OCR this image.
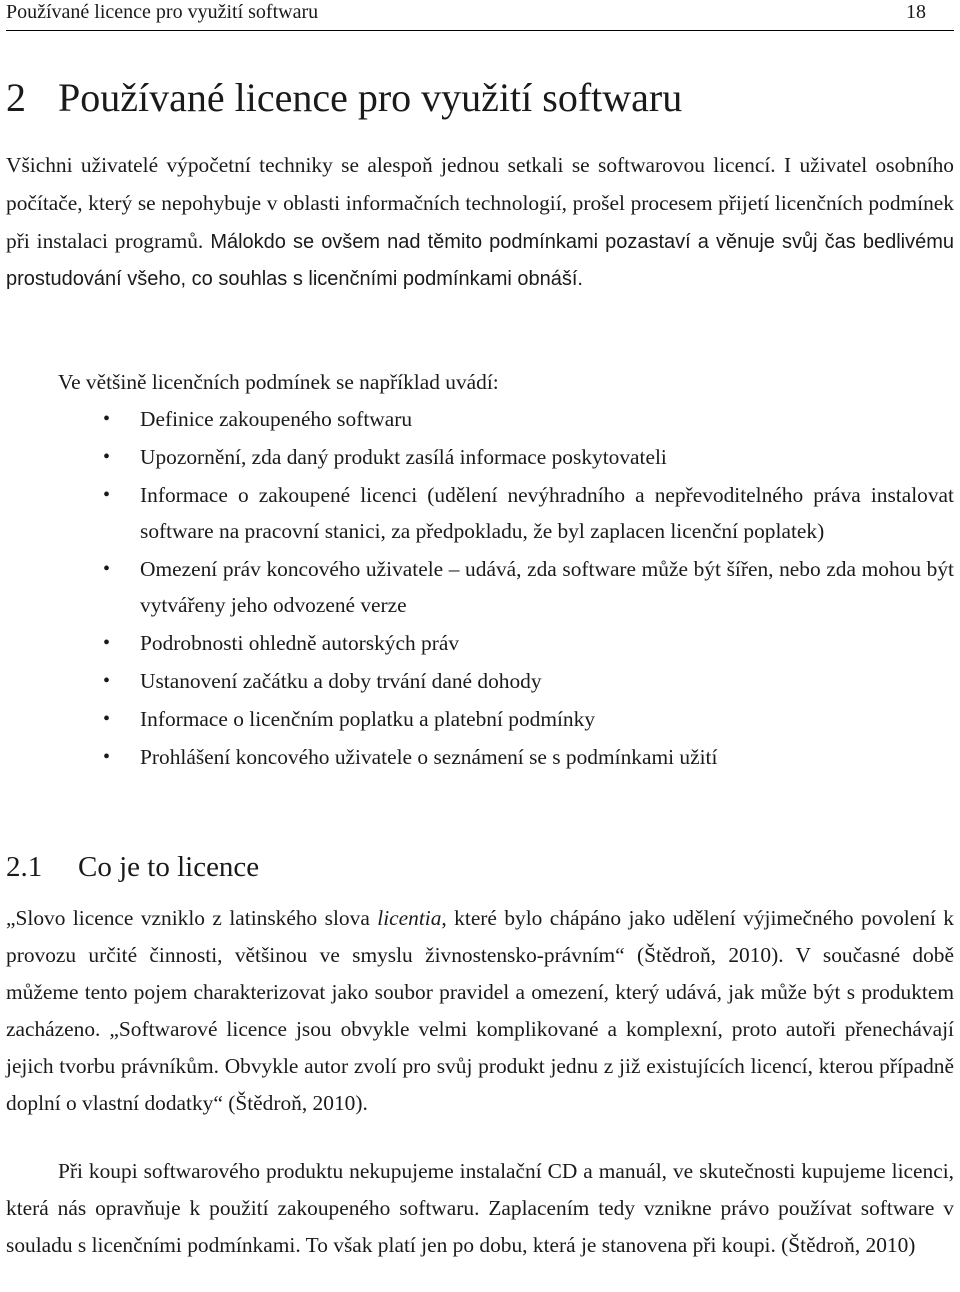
Používané licence pro využití softwaru	18
2 Používané licence pro využití softwaru

Všichni uživatelé výpočetní techniky se alespoň jednou setkali se softwarovou licencí. I uživatel osobního počítače, který se nepohybuje v oblasti informačních technologií, prošel procesem přijetí licenčních podmínek při instalaci programů. Málokdo se ovšem nad těmito podmínkami pozastaví a věnuje svůj čas bedlivému prostudování všeho, co souhlas s licenčními podmínkami obnáší.

Ve většině licenčních podmínek se například uvádí:

• Definice zakoupeného softwaru
• Upozornění, zda daný produkt zasílá informace poskytovateli
• Informace o zakoupené licenci (udělení nevýhradního a nepřevoditelného práva instalovat software na pracovní stanici, za předpokladu, že byl zaplacen licenční poplatek)
• Omezení práv koncového uživatele – udává, zda software může být šířen, nebo zda mohou být vytvářeny jeho odvozené verze
• Podrobnosti ohledně autorských práv
• Ustanovení začátku a doby trvání dané dohody
• Informace o licenčním poplatku a platební podmínky
• Prohlášení koncového uživatele o seznámení se s podmínkami užití
2.1 Co je to licence

„Slovo licence vzniklo z latinského slova licentia, které bylo chápáno jako udělení výjimečného povolení k provozu určité činnosti, většinou ve smyslu živnostensko-právním“ (Štědroň, 2010). V současné době můžeme tento pojem charakterizovat jako soubor pravidel a omezení, který udává, jak může být s produktem zacházeno. „Softwarové licence jsou obvykle velmi komplikované a komplexní, proto autoři přenechávají jejich tvorbu právníkům. Obvykle autor zvolí pro svůj produkt jednu z již existujících licencí, kterou případně doplní o vlastní dodatky“ (Štědroň, 2010).

Při koupi softwarového produktu nekupujeme instalační CD a manuál, ve skutečnosti kupujeme licenci, která nás opravňuje k použití zakoupeného softwaru. Zaplacením tedy vznikne právo používat software v souladu s licenčními podmínkami. To však platí jen po dobu, která je stanovena při koupi. (Štědroň, 2010)
